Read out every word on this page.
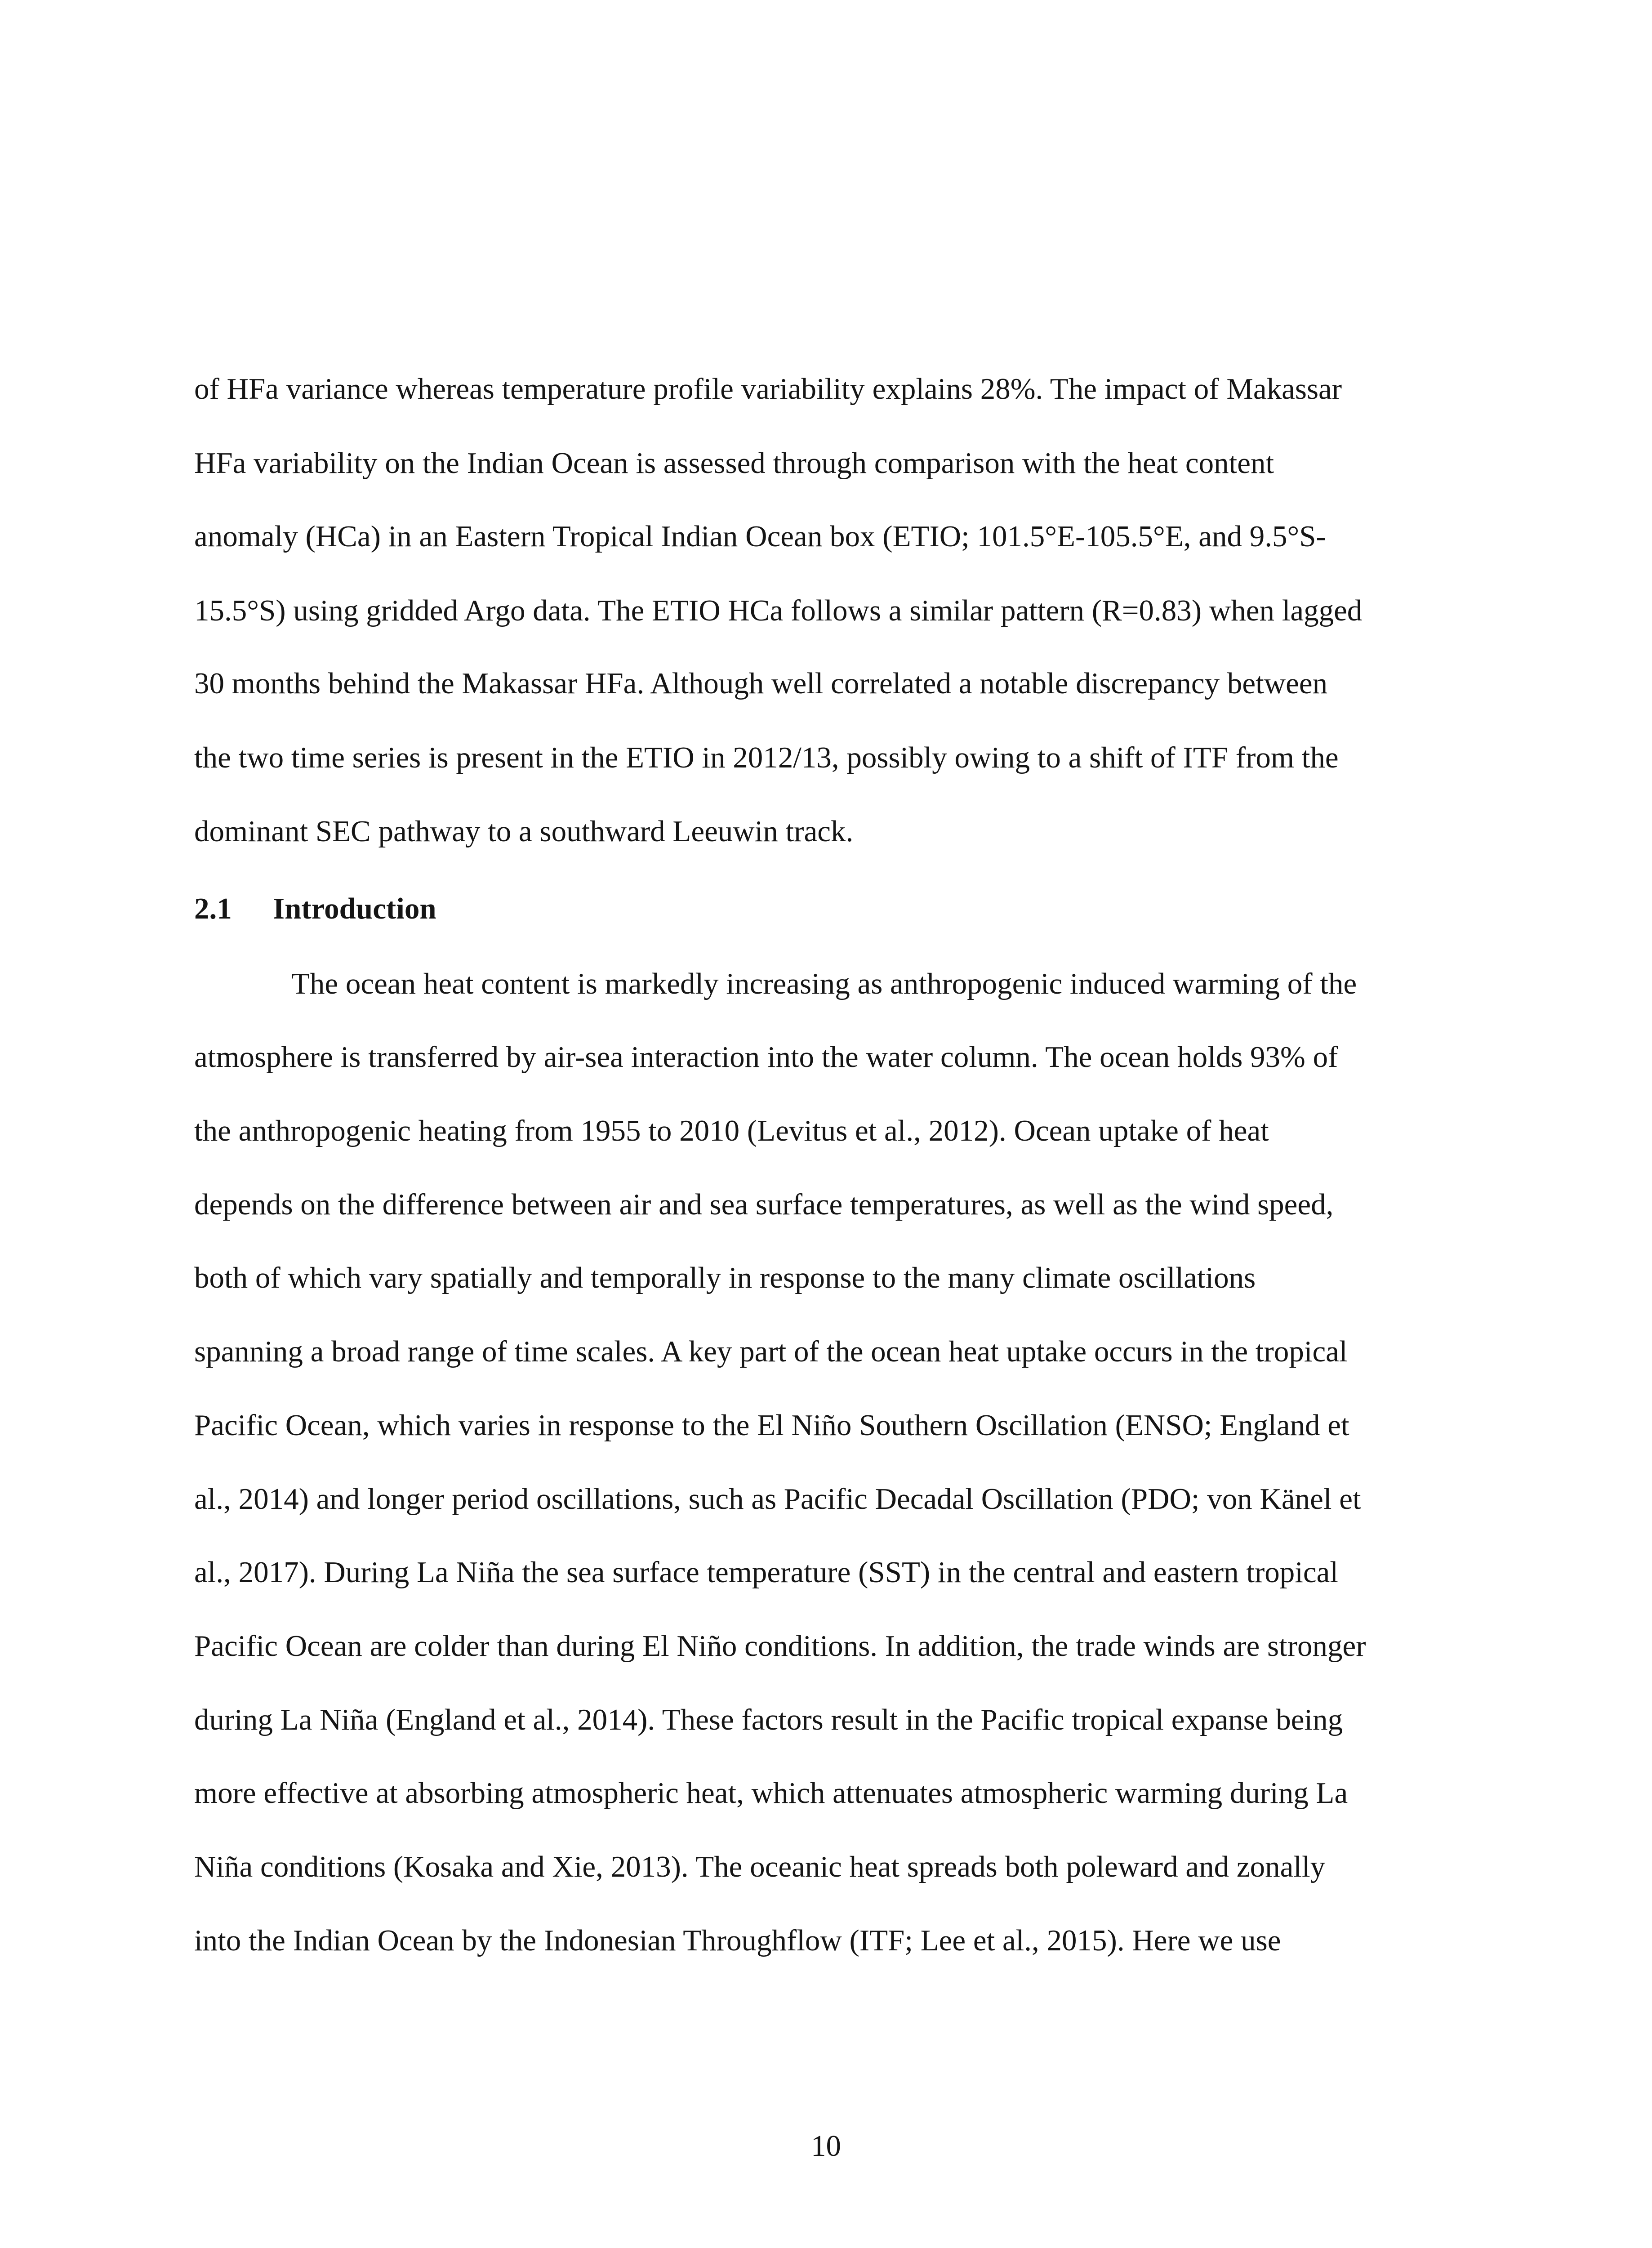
of HFa variance whereas temperature profile variability explains 28%. The impact of Makassar

HFa variability on the Indian Ocean is assessed through comparison with the heat content

anomaly (HCa) in an Eastern Tropical Indian Ocean box (ETIO; 101.5°E-105.5°E, and 9.5°S-

15.5°S) using gridded Argo data. The ETIO HCa follows a similar pattern (R=0.83) when lagged

30 months behind the Makassar HFa. Although well correlated a notable discrepancy between

the two time series is present in the ETIO in 2012/13, possibly owing to a shift of ITF from the

dominant SEC pathway to a southward Leeuwin track.

2.1 Introduction

The ocean heat content is markedly increasing as anthropogenic induced warming of the

atmosphere is transferred by air-sea interaction into the water column. The ocean holds 93% of

the anthropogenic heating from 1955 to 2010 (Levitus et al., 2012). Ocean uptake of heat

depends on the difference between air and sea surface temperatures, as well as the wind speed,

both of which vary spatially and temporally in response to the many climate oscillations

spanning a broad range of time scales. A key part of the ocean heat uptake occurs in the tropical

Pacific Ocean, which varies in response to the El Niño Southern Oscillation (ENSO; England et

al., 2014) and longer period oscillations, such as Pacific Decadal Oscillation (PDO; von Känel et

al., 2017). During La Niña the sea surface temperature (SST) in the central and eastern tropical

Pacific Ocean are colder than during El Niño conditions. In addition, the trade winds are stronger

during La Niña (England et al., 2014). These factors result in the Pacific tropical expanse being

more effective at absorbing atmospheric heat, which attenuates atmospheric warming during La

Niña conditions (Kosaka and Xie, 2013). The oceanic heat spreads both poleward and zonally

into the Indian Ocean by the Indonesian Throughflow (ITF; Lee et al., 2015). Here we use

10
